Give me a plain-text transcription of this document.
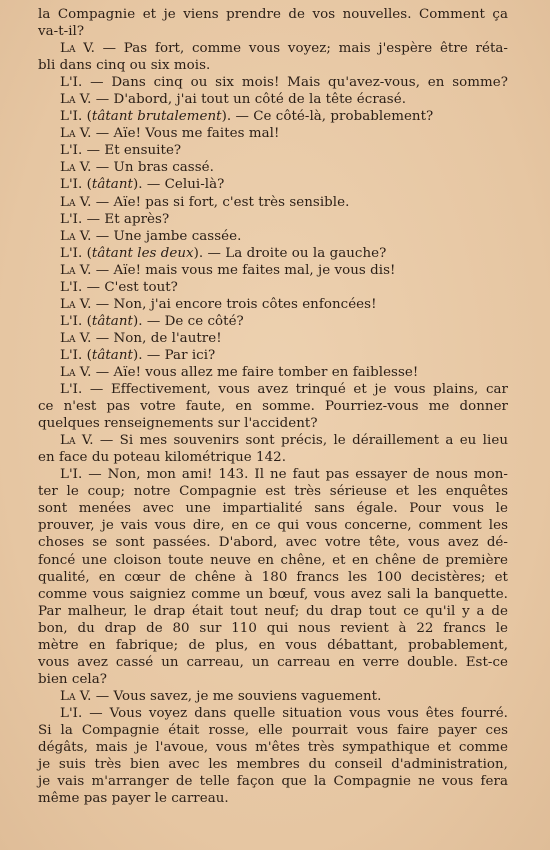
la Compagnie et je viens prendre de vos nouvelles. Comment ça
va-t-il?
La V. — Pas fort, comme vous voyez; mais j'espère être réta-
bli dans cinq ou six mois.
L'I. — Dans cinq ou six mois! Mais qu'avez-vous, en somme?
La V. — D'abord, j'ai tout un côté de la tête écrasé.
L'I. (tâtant brutalement). — Ce côté-là, probablement?
La V. — Aïe! Vous me faites mal!
L'I. — Et ensuite?
La V. — Un bras cassé.
L'I. (tâtant). — Celui-là?
La V. — Aïe! pas si fort, c'est très sensible.
L'I. — Et après?
La V. — Une jambe cassée.
L'I. (tâtant les deux). — La droite ou la gauche?
La V. — Aïe! mais vous me faites mal, je vous dis!
L'I. — C'est tout?
La V. — Non, j'ai encore trois côtes enfoncées!
L'I. (tâtant). — De ce côté?
La V. — Non, de l'autre!
L'I. (tâtant). — Par ici?
La V. — Aïe! vous allez me faire tomber en faiblesse!
L'I. — Effectivement, vous avez trinqué et je vous plains, car
ce n'est pas votre faute, en somme. Pourriez-vous me donner
quelques renseignements sur l'accident?
La V. — Si mes souvenirs sont précis, le déraillement a eu lieu
en face du poteau kilométrique 142.
L'I. — Non, mon ami! 143. Il ne faut pas essayer de nous mon-
ter le coup; notre Compagnie est très sérieuse et les enquêtes
sont menées avec une impartialité sans égale. Pour vous le
prouver, je vais vous dire, en ce qui vous concerne, comment les
choses se sont passées. D'abord, avec votre tête, vous avez dé-
foncé une cloison toute neuve en chêne, et en chêne de première
qualité, en cœur de chêne à 180 francs les 100 decistères; et
comme vous saigniez comme un bœuf, vous avez sali la banquette.
Par malheur, le drap était tout neuf; du drap tout ce qu'il y a de
bon, du drap de 80 sur 110 qui nous revient à 22 francs le
mètre en fabrique; de plus, en vous débattant, probablement,
vous avez cassé un carreau, un carreau en verre double. Est-ce
bien cela?
La V. — Vous savez, je me souviens vaguement.
L'I. — Vous voyez dans quelle situation vous vous êtes fourré.
Si la Compagnie était rosse, elle pourrait vous faire payer ces
dégâts, mais je l'avoue, vous m'êtes très sympathique et comme
je suis très bien avec les membres du conseil d'administration,
je vais m'arranger de telle façon que la Compagnie ne vous fera
même pas payer le carreau.
